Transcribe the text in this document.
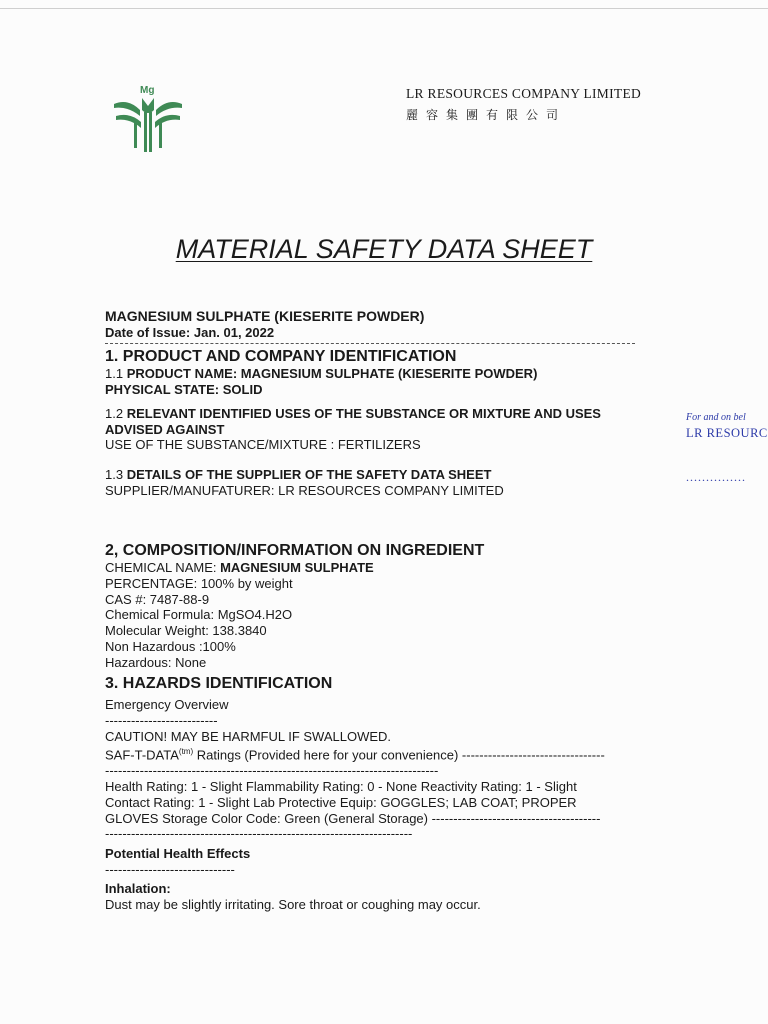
Mg	LR RESOURCES COMPANY LIMITED
麗容集團有限公司
MATERIAL SAFETY DATA SHEET
MAGNESIUM SULPHATE (KIESERITE POWDER)
Date of Issue: Jan. 01, 2022
1. PRODUCT AND COMPANY IDENTIFICATION
1.1 PRODUCT NAME: MAGNESIUM SULPHATE (KIESERITE POWDER)
PHYSICAL STATE: SOLID
1.2 RELEVANT IDENTIFIED USES OF THE SUBSTANCE OR MIXTURE AND USES ADVISED AGAINST
USE OF THE SUBSTANCE/MIXTURE : FERTILIZERS
1.3 DETAILS OF THE SUPPLIER OF THE SAFETY DATA SHEET
SUPPLIER/MANUFATURER: LR RESOURCES COMPANY LIMITED
2, COMPOSITION/INFORMATION ON INGREDIENT
CHEMICAL NAME: MAGNESIUM SULPHATE
PERCENTAGE: 100% by weight
CAS #: 7487-88-9
Chemical Formula: MgSO4.H2O
Molecular Weight: 138.3840
Non Hazardous :100%
Hazardous: None
3. HAZARDS IDENTIFICATION
Emergency Overview
--------------------------
CAUTION! MAY BE HARMFUL IF SWALLOWED.
SAF-$T-DATA^{(tm)}$ Ratings (Provided here for your convenience) ---------------------------------
-----------------------------------------------------------------------------
Health Rating: 1 - Slight Flammability Rating: 0 - None Reactivity Rating: 1 - Slight
Contact Rating: 1 - Slight Lab Protective Equip: GOGGLES; LAB COAT; PROPER
GLOVES Storage Color Code: Green (General Storage) ---------------------------------------
-----------------------------------------------------------------------
Potential Health Effects
------------------------------
Inhalation:
Dust may be slightly irritating. Sore throat or coughing may occur.
For and on bel
LR RESOURC
...............
